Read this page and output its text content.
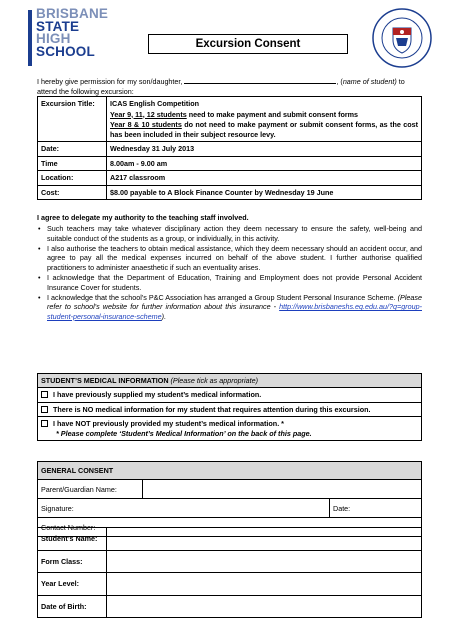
BRISBANE
STATE
HIGH
SCHOOL	Excursion Consent
I hereby give permission for my son/daughter,	, (name of student) to attend the following excursion:
Excursion Title:	ICAS English Competition
Year 9, 11, 12 students need to make payment and submit consent forms
Year 8 & 10 students do not need to make payment or submit consent forms, as the cost has been included in their subject resource levy.

Date:	Wednesday 31 July 2013
Time	8.00am - 9.00 am
Location:	A217 classroom
Cost:	$8.00 payable to A Block Finance Counter by Wednesday 19 June
I agree to delegate my authority to the teaching staff involved.
• Such teachers may take whatever disciplinary action they deem necessary to ensure the safety, well-being and suitable conduct of the students as a group, or individually, in this activity.
• I also authorise the teachers to obtain medical assistance, which they deem necessary should an accident occur, and agree to pay all the medical expenses incurred on behalf of the above student. I further authorise qualified practitioners to administer anaesthetic if such an eventuality arises.
• I acknowledge that the Department of Education, Training and Employment does not provide Personal Accident Insurance Cover for students.
• I acknowledge that the school’s P&C Association has arranged a Group Student Personal Insurance Scheme. (Please refer to school’s website for further information about this insurance - http://www.brisbaneshs.eq.edu.au/?q=group-student-personal-insurance-scheme).
STUDENT’S MEDICAL INFORMATION (Please tick as appropriate)
I have previously supplied my student’s medical information.

There is NO medical information for my student that requires attention during this excursion.

I have NOT previously provided my student’s medical information. *
* Please complete ‘Student’s Medical Information’ on the back of this page.
GENERAL CONSENT		
Parent/Guardian Name:		
Signature:		Date:
Contact Number:		
Student’s Name:	
Form Class:	
Year Level:	
Date of Birth:	
